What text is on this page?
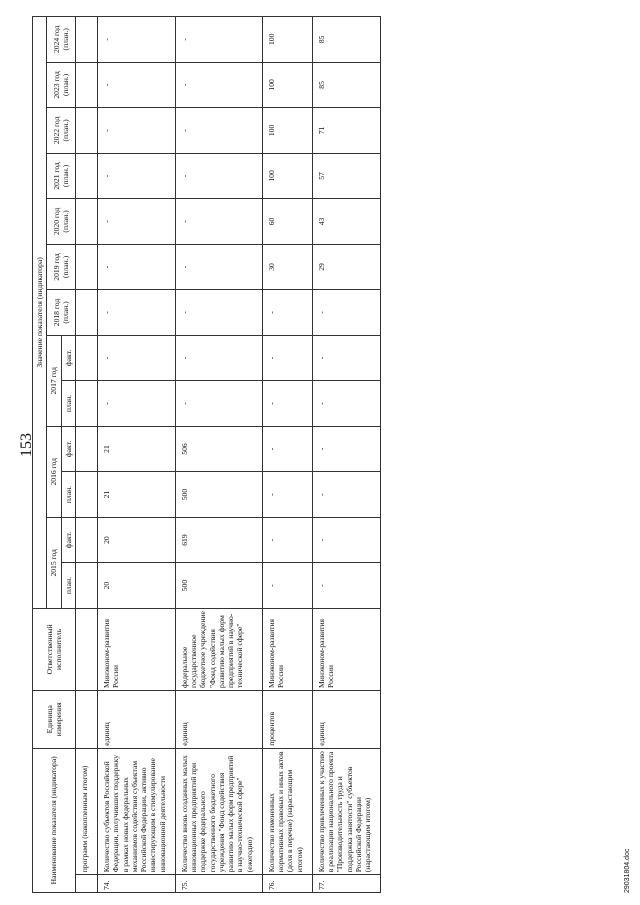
153
Наименование показателя (индикатора)		Единица измерения	Ответственный исполнитель	Значение показателя (индикатора)												
				2015 год		2016 год		2017 год		2018 год (план.)	2019 год (план.)	2020 год (план.)	2021 год (план.)	2022 год (план.)	2023 год (план.)	2024 год (план.)
				план.	факт.	план.	факт.	план.	факт.							
	программ (накопленным итогом)															
74.	Количество субъектов Российской Федерации, получивших поддержку в рамках новых федеральных механизмов содействия субъектам Российской Федерации, активно инвестирующим в стимулирование инновационной деятельности	единиц	Минэконом-развития России	20	20	21	21	-	-	-	-	-	-	-	-	-
75.	Количество вновь созданных малых инновационных предприятий при поддержке федерального государственного бюджетного учреждения "Фонд содействия развитию малых форм предприятий в научно-технической сфере" (ежегодно)	единиц	федеральное государственное бюджетное учреждение "Фонд содействия развитию малых форм предприятий в научно-технической сфере"	500	619	500	506	-	-	-	-	-	-	-	-	-
76.	Количество измененных нормативных правовых и иных актов (доля в перечне) (нарастающим итогом)	процентов	Минэконом-развития России	-	-	-	-	-	-	-	30	60	100	100	100	100
77.	Количество привлеченных к участию в реализации национального проекта "Производительность труда и поддержка занятости" субъектов Российской Федерации (нарастающим итогом)	единиц	Минэконом-развития России	-	-	-	-	-	-	-	29	43	57	71	85	85
29031804.doc
